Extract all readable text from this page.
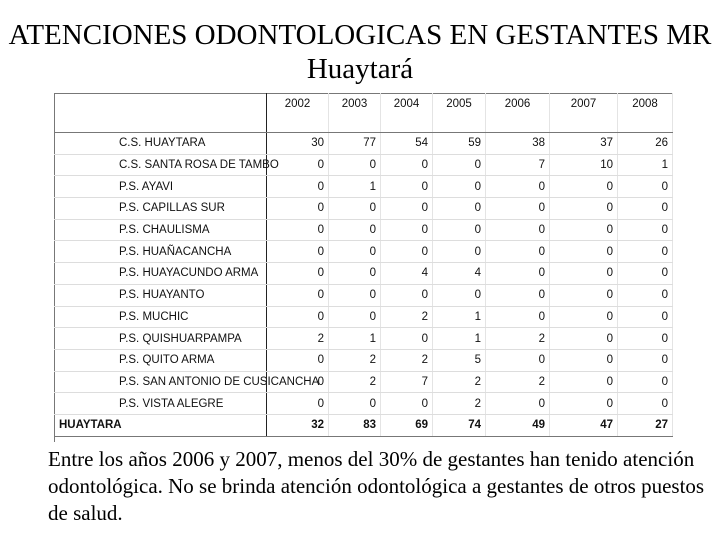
ATENCIONES ODONTOLOGICAS EN GESTANTES MR Huaytará
	2002	2003	2004	2005	2006	2007	2008
C.S. HUAYTARA	30	77	54	59	38	37	26
C.S. SANTA ROSA DE TAMBO	0	0	0	0	7	10	1
P.S. AYAVI	0	1	0	0	0	0	0
P.S. CAPILLAS SUR	0	0	0	0	0	0	0
P.S. CHAULISMA	0	0	0	0	0	0	0
P.S. HUAÑACANCHA	0	0	0	0	0	0	0
P.S. HUAYACUNDO ARMA	0	0	4	4	0	0	0
P.S. HUAYANTO	0	0	0	0	0	0	0
P.S. MUCHIC	0	0	2	1	0	0	0
P.S. QUISHUARPAMPA	2	1	0	1	2	0	0
P.S. QUITO ARMA	0	2	2	5	0	0	0
P.S. SAN ANTONIO DE CUSICANCHA	0	2	7	2	2	0	0
P.S. VISTA ALEGRE	0	0	0	2	0	0	0
HUAYTARA	32	83	69	74	49	47	27
Entre los años 2006 y 2007, menos del 30% de gestantes han tenido atención odontológica. No se brinda atención odontológica a gestantes de otros puestos de salud.
